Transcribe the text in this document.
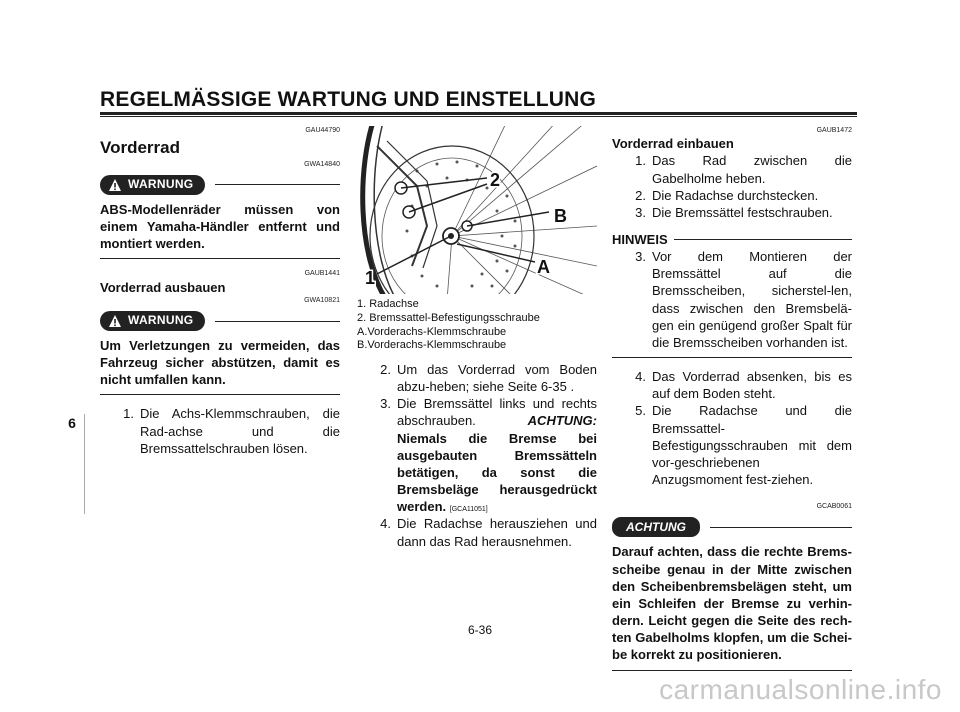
REGELMÄSSIGE WARTUNG UND EINSTELLUNG
6
GAU44790
Vorderrad
GWA14840
WARNUNG
ABS-Modellenräder müssen von einem Yamaha-Händler entfernt und montiert werden.
GAUB1441
Vorderrad ausbauen
GWA10821
WARNUNG
Um Verletzungen zu vermeiden, das Fahrzeug sicher abstützen, damit es nicht umfallen kann.
1. Die Achs-Klemmschrauben, die Rad-achse und die Bremssattelschrauben lösen.
2
B
A
1
1. Radachse
2. Bremssattel-Befestigungsschraube
A.Vorderachs-Klemmschraube
B.Vorderachs-Klemmschraube
2. Um das Vorderrad vom Boden abzu-heben; siehe Seite 6-35 .
3. Die Bremssättel links und rechts abschrauben.	ACHTUNG: Niemals die Bremse bei ausgebauten Bremssätteln betätigen, da sonst die Bremsbeläge herausgedrückt werden. [GCA11051]
4. Die Radachse herausziehen und dann das Rad herausnehmen.
GAUB1472
Vorderrad einbauen
1. Das Rad zwischen die Gabelholme heben.
2. Die Radachse durchstecken.
3. Die Bremssättel festschrauben.
HINWEIS
3. Vor dem Montieren der Bremssättel auf die Bremsscheiben, sicherstel-len, dass zwischen den Bremsbelä-gen ein genügend großer Spalt für die Bremsscheiben vorhanden ist.
4. Das Vorderrad absenken, bis es auf dem Boden steht.
5. Die Radachse und die Bremssattel-Befestigungsschrauben mit dem vor-geschriebenen Anzugsmoment fest-ziehen.
GCAB0061
ACHTUNG
Darauf achten, dass die rechte Brems-scheibe genau in der Mitte zwischen den Scheibenbremsbelägen steht, um ein Schleifen der Bremse zu verhin-dern. Leicht gegen die Seite des rech-ten Gabelholms klopfen, um die Schei-be korrekt zu positionieren.
6-36
carmanualsonline.info
